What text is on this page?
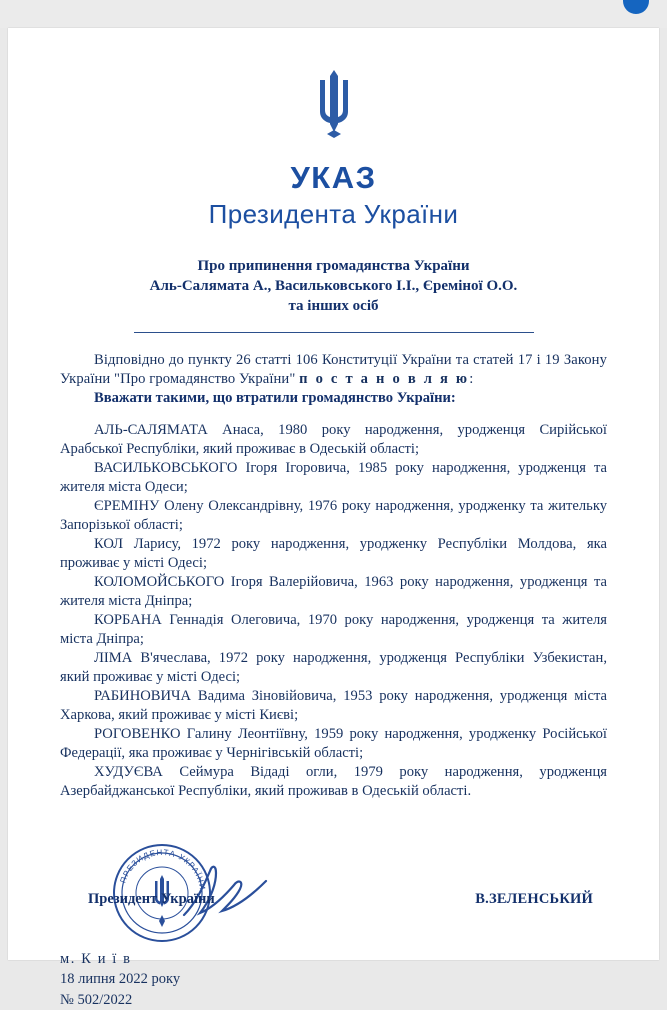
УКАЗ
Президента України
Про припинення громадянства України
Аль-Салямата А., Васильковського І.І., Єреміної О.О.
та інших осіб

Відповідно до пункту 26 статті 106 Конституції України та статей 17 і 19 Закону України "Про громадянство України" п о с т а н о в л я ю:

Вважати такими, що втратили громадянство України:

АЛЬ-САЛЯМАТА Анаса, 1980 року народження, уродженця Сирійської Арабської Республіки, який проживає в Одеській області;

ВАСИЛЬКОВСЬКОГО Ігоря Ігоровича, 1985 року народження, уродженця та жителя міста Одеси;

ЄРЕМІНУ Олену Олександрівну, 1976 року народження, уродженку та жительку Запорізької області;

КОЛ Ларису, 1972 року народження, уродженку Республіки Молдова, яка проживає у місті Одесі;

КОЛОМОЙСЬКОГО Ігоря Валерійовича, 1963 року народження, уродженця та жителя міста Дніпра;

КОРБАНА Геннадія Олеговича, 1970 року народження, уродженця та жителя міста Дніпра;

ЛІМА В'ячеслава, 1972 року народження, уродженця Республіки Узбекистан, який проживає у місті Одесі;

РАБИНОВИЧА Вадима Зіновійовича, 1953 року народження, уродженця міста Харкова, який проживає у місті Києві;

РОГОВЕНКО Галину Леонтіївну, 1959 року народження, уродженку Російської Федерації, яка проживає у Чернігівській області;

ХУДУЄВА Сеймура Відаді огли, 1979 року народження, уродженця Азербайджанської Республіки, який проживав в Одеській області.

ПРЕЗИДЕНТА УКРАЇНИ
Президент України	В.ЗЕЛЕНСЬКИЙ
м. К и ї в
18 липня 2022 року
№ 502/2022
